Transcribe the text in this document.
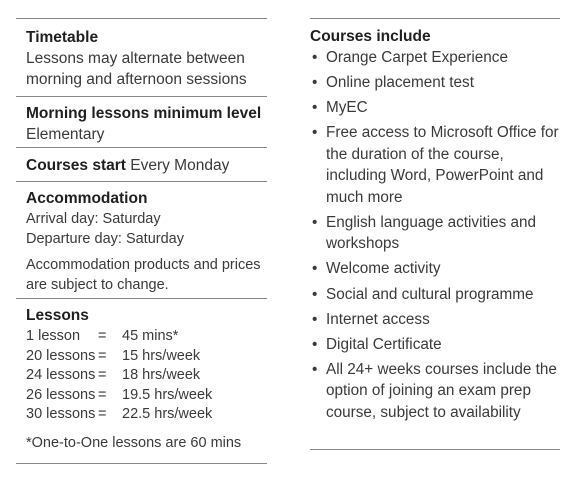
Timetable
Lessons may alternate between morning and afternoon sessions
Morning lessons minimum level
Elementary
Courses start Every Monday
Accommodation
Arrival day: Saturday
Departure day: Saturday
Accommodation products and prices are subject to change.
Lessons
1 lesson	=	45 mins*
20 lessons =	15 hrs/week
24 lessons =	18 hrs/week
26 lessons =	19.5 hrs/week
30 lessons =	22.5 hrs/week
*One-to-One lessons are 60 mins
Courses include
• Orange Carpet Experience
• Online placement test
• MyEC
• Free access to Microsoft Office for the duration of the course, including Word, PowerPoint and much more
• English language activities and workshops
• Welcome activity
• Social and cultural programme
• Internet access
• Digital Certificate
• All 24+ weeks courses include the option of joining an exam prep course, subject to availability
